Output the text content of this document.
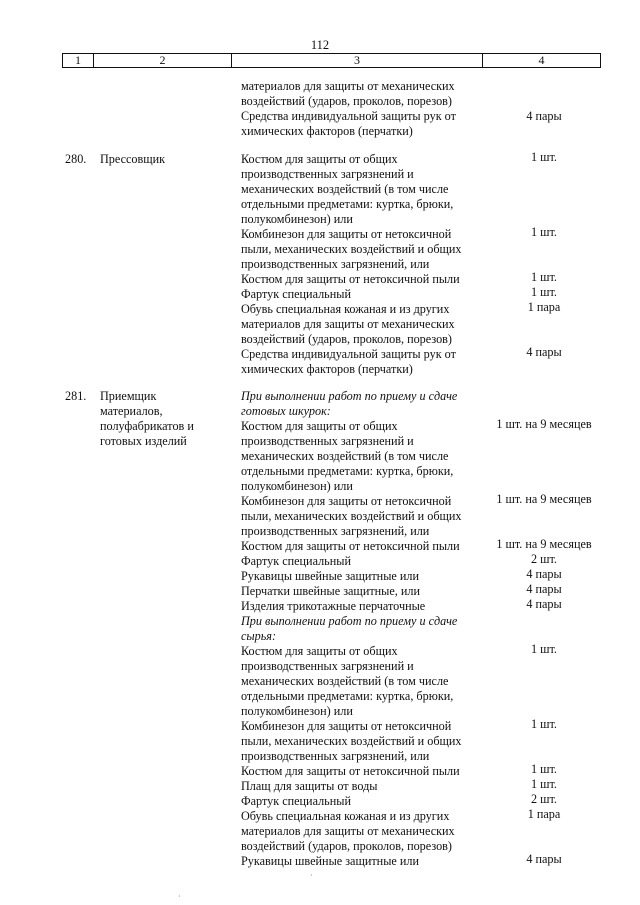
112
1	2	3	4
материалов для защиты от механических
воздействий (ударов, проколов, порезов)
Средства индивидуальной защиты рук от	4 пары
химических факторов (перчатки)
280. Прессовщик	Костюм для защиты от общих	1 шт.
производственных загрязнений и
механических воздействий (в том числе
отдельными предметами: куртка, брюки,
полукомбинезон) или
Комбинезон для защиты от нетоксичной	1 шт.
пыли, механических воздействий и общих
производственных загрязнений, или
Костюм для защиты от нетоксичной пыли	1 шт.
Фартук специальный	1 шт.
Обувь специальная кожаная и из других	1 пара
материалов для защиты от механических
воздействий (ударов, проколов, порезов)
Средства индивидуальной защиты рук от	4 пары
химических факторов (перчатки)
281. Приемщик	При выполнении работ по приему и сдаче
материалов,	готовых шкурок:
полуфабрикатов и	Костюм для защиты от общих	1 шт. на 9 месяцев
готовых изделий	производственных загрязнений и
механических воздействий (в том числе
отдельными предметами: куртка, брюки,
полукомбинезон) или
Комбинезон для защиты от нетоксичной	1 шт. на 9 месяцев
пыли, механических воздействий и общих
производственных загрязнений, или
Костюм для защиты от нетоксичной пыли	1 шт. на 9 месяцев
Фартук специальный	2 шт.
Рукавицы швейные защитные или	4 пары
Перчатки швейные защитные, или	4 пары
Изделия трикотажные перчаточные	4 пары
При выполнении работ по приему и сдаче
сырья:
Костюм для защиты от общих	1 шт.
производственных загрязнений и
механических воздействий (в том числе
отдельными предметами: куртка, брюки,
полукомбинезон) или
Комбинезон для защиты от нетоксичной	1 шт.
пыли, механических воздействий и общих
производственных загрязнений, или
Костюм для защиты от нетоксичной пыли	1 шт.
Плащ для защиты от воды	1 шт.
Фартук специальный	2 шт.
Обувь специальная кожаная и из других	1 пара
материалов для защиты от механических
воздействий (ударов, проколов, порезов)
Рукавицы швейные защитные или	4 пары
·
·
